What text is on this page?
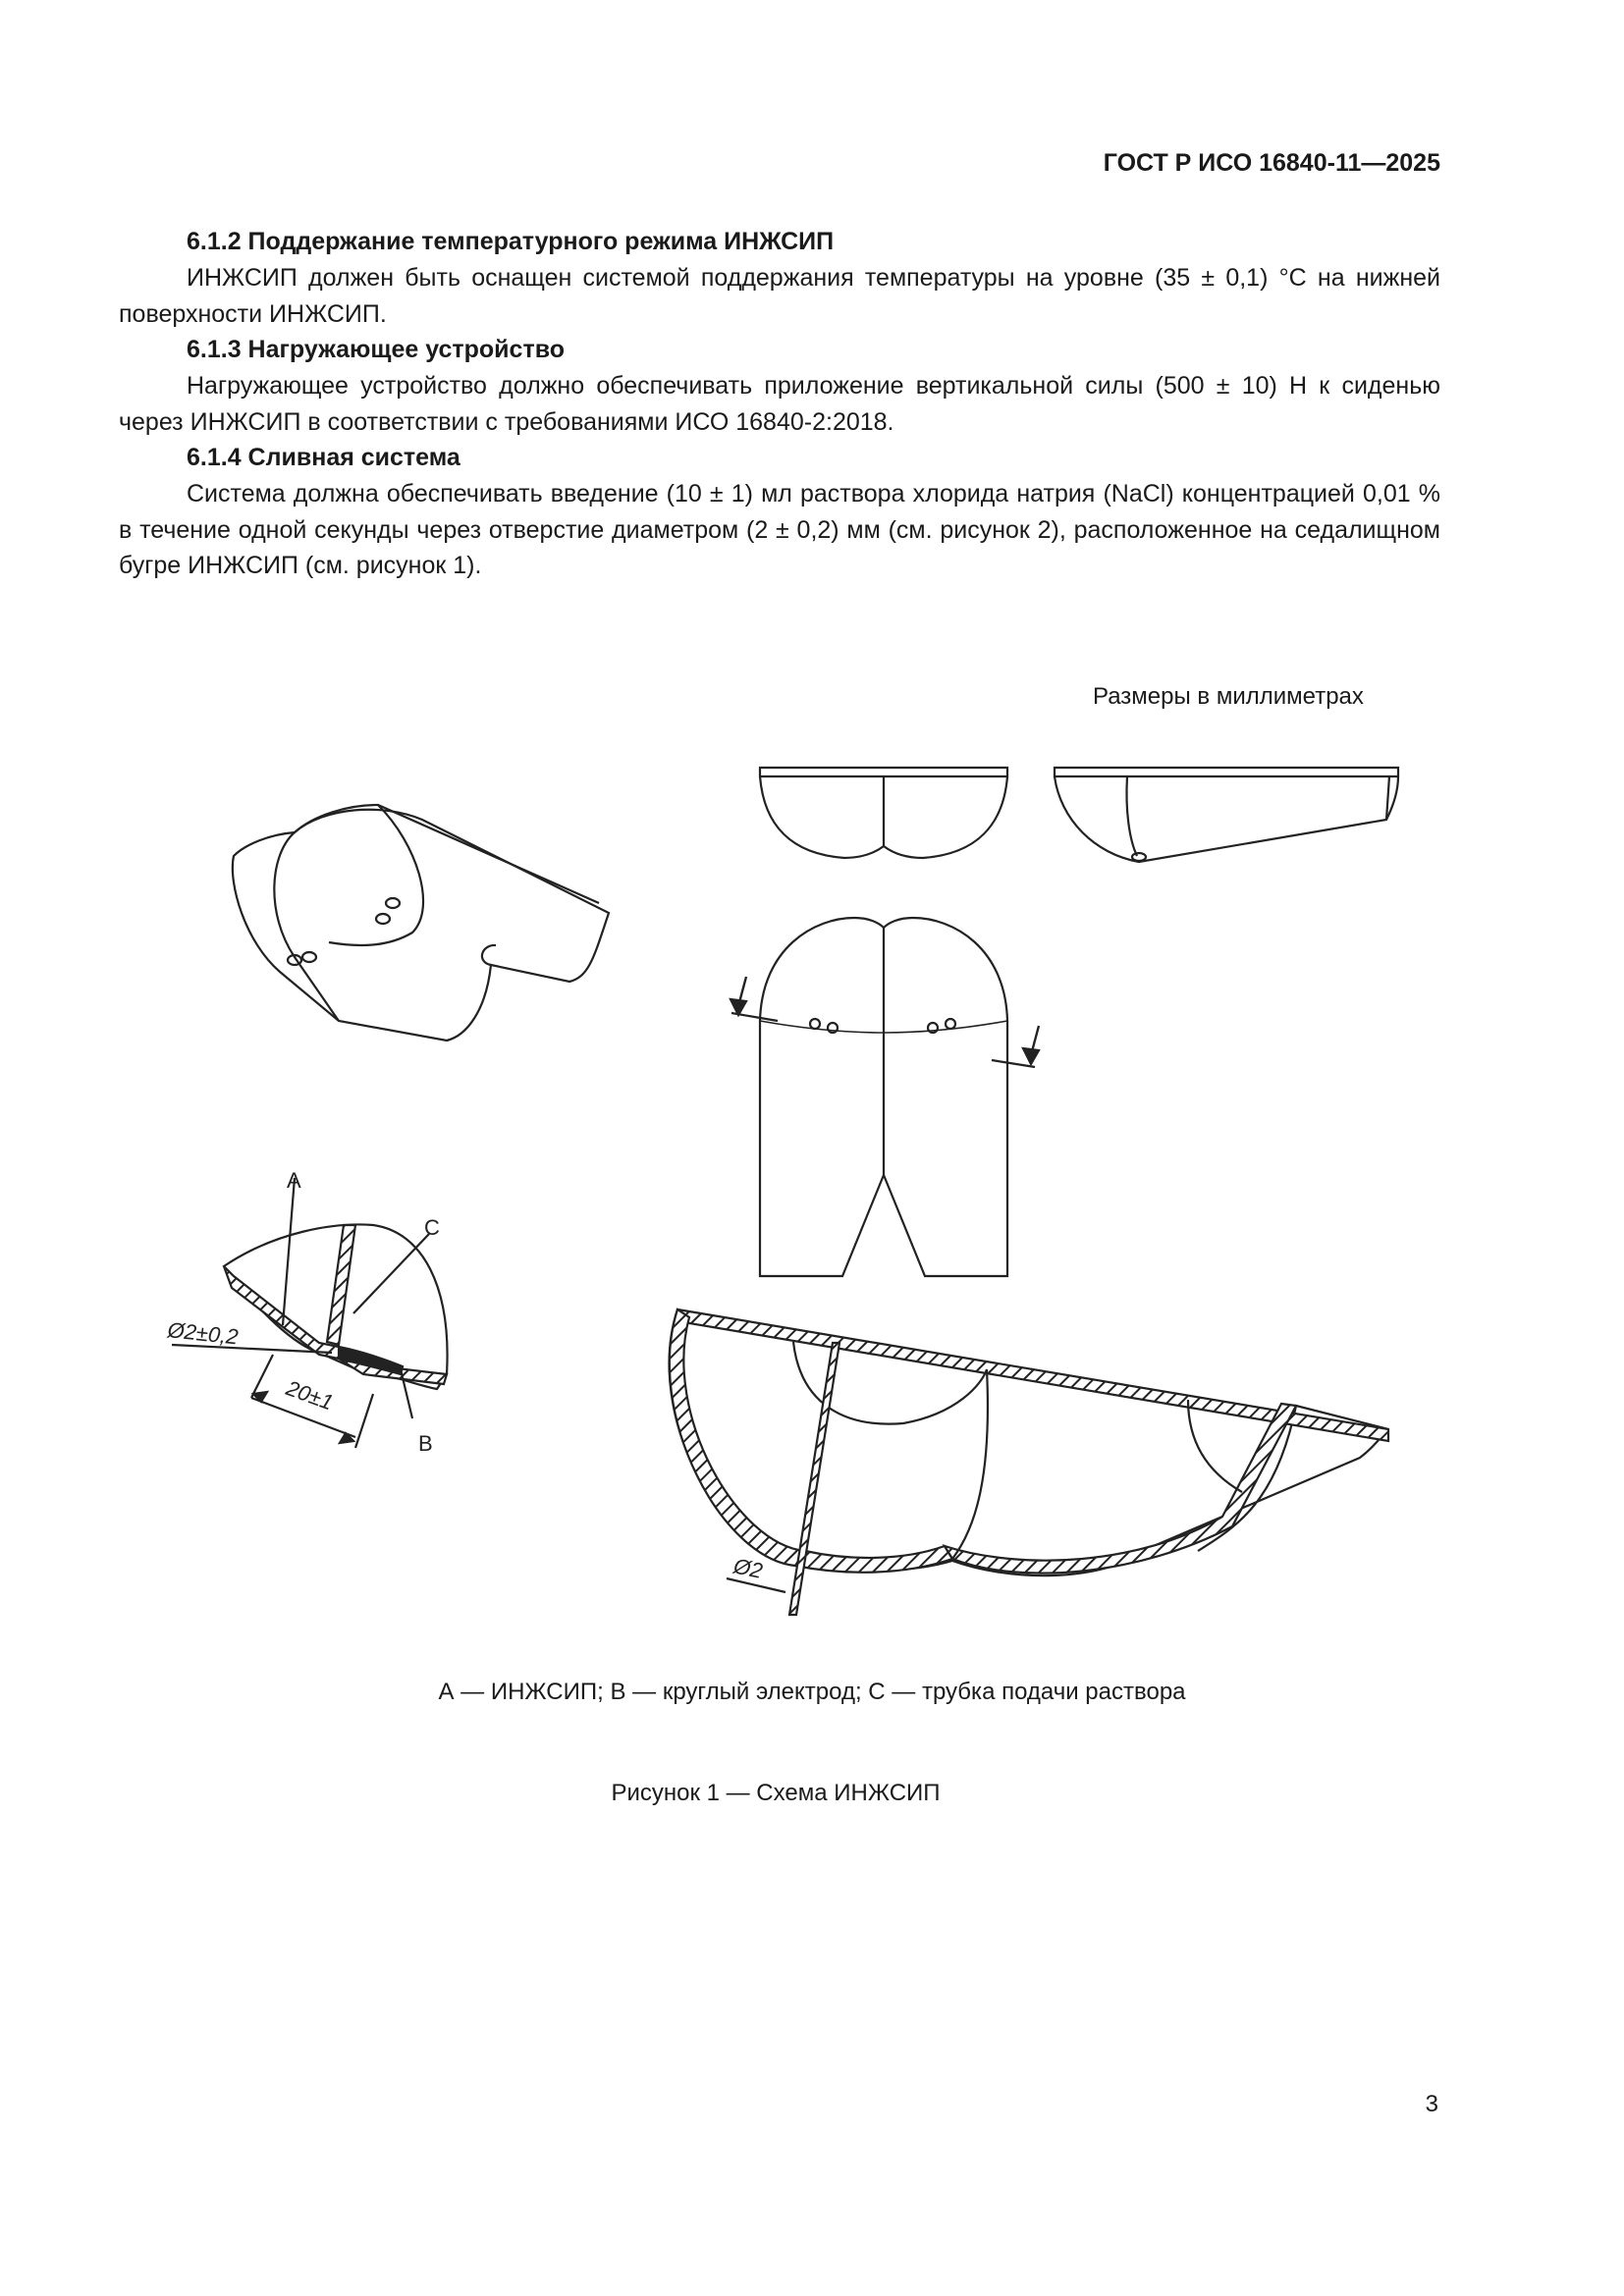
ГОСТ Р ИСО 16840-11—2025
6.1.2 Поддержание температурного режима ИНЖСИП

ИНЖСИП должен быть оснащен системой поддержания температуры на уровне (35 ± 0,1) °С на нижней поверхности ИНЖСИП.

6.1.3 Нагружающее устройство

Нагружающее устройство должно обеспечивать приложение вертикальной силы (500 ± 10) Н к сиденью через ИНЖСИП в соответствии с требованиями ИСО 16840-2:2018.

6.1.4 Сливная система

Система должна обеспечивать введение (10 ± 1) мл раствора хлорида натрия (NaCl) концентрацией 0,01 % в течение одной секунды через отверстие диаметром (2 ± 0,2) мм (см. рисунок 2), расположенное на седалищном бугре ИНЖСИП (см. рисунок 1).

Размеры в миллиметрах
A
C
B
Ø2±0,2
20±1
Ø2
А — ИНЖСИП; В — круглый электрод; С — трубка подачи раствора
Рисунок 1 — Схема ИНЖСИП
3
